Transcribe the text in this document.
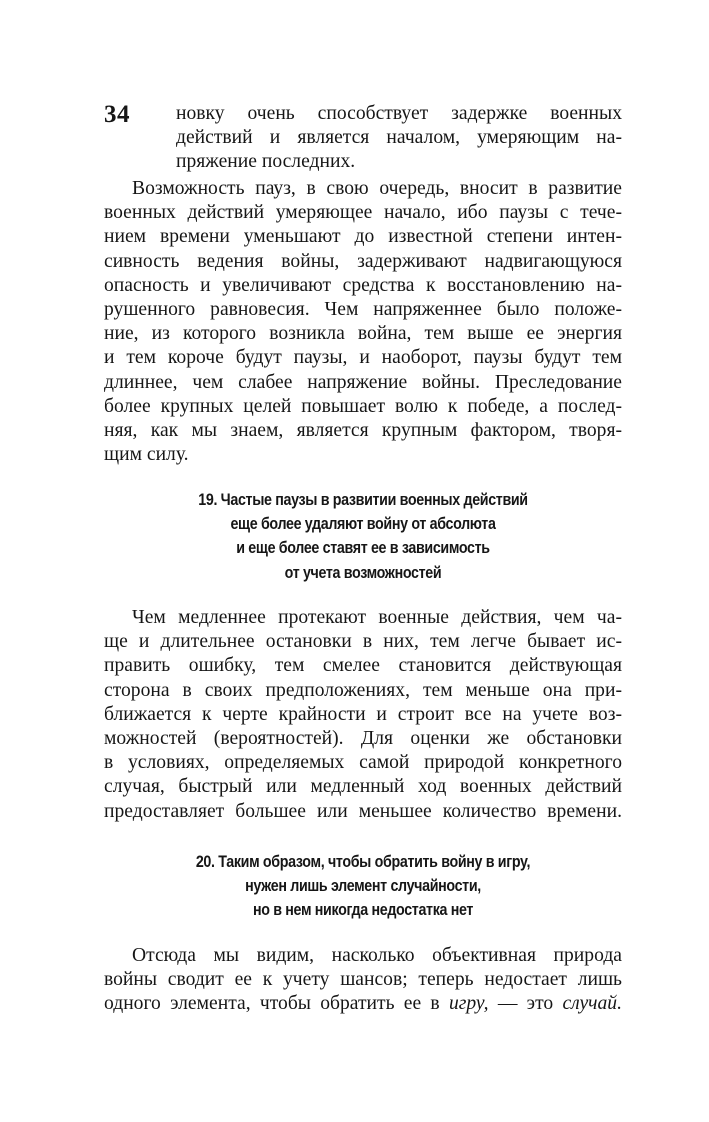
34	новку очень способствует задержке военных
действий и является началом, умеряющим на-
пряжение последних.
Возможность пауз, в свою очередь, вносит в развитие
военных действий умеряющее начало, ибо паузы с тече-
нием времени уменьшают до известной степени интен-
сивность ведения войны, задерживают надвигающуюся
опасность и увеличивают средства к восстановлению на-
рушенного равновесия. Чем напряженнее было положе-
ние, из которого возникла война, тем выше ее энергия
и тем короче будут паузы, и наоборот, паузы будут тем
длиннее, чем слабее напряжение войны. Преследование
более крупных целей повышает волю к победе, а послед-
няя, как мы знаем, является крупным фактором, творя-
щим силу.
19. Частые паузы в развитии военных действий
еще более удаляют войну от абсолюта
и еще более ставят ее в зависимость
от учета возможностей
Чем медленнее протекают военные действия, чем ча-
ще и длительнее остановки в них, тем легче бывает ис-
править ошибку, тем смелее становится действующая
сторона в своих предположениях, тем меньше она при-
ближается к черте крайности и строит все на учете воз-
можностей (вероятностей). Для оценки же обстановки
в условиях, определяемых самой природой конкретного
случая, быстрый или медленный ход военных действий
предоставляет большее или меньшее количество времени.
20. Таким образом, чтобы обратить войну в игру,
нужен лишь элемент случайности,
но в нем никогда недостатка нет
Отсюда мы видим, насколько объективная природа
войны сводит ее к учету шансов; теперь недостает лишь
одного элемента, чтобы обратить ее в игру, — это случай.
